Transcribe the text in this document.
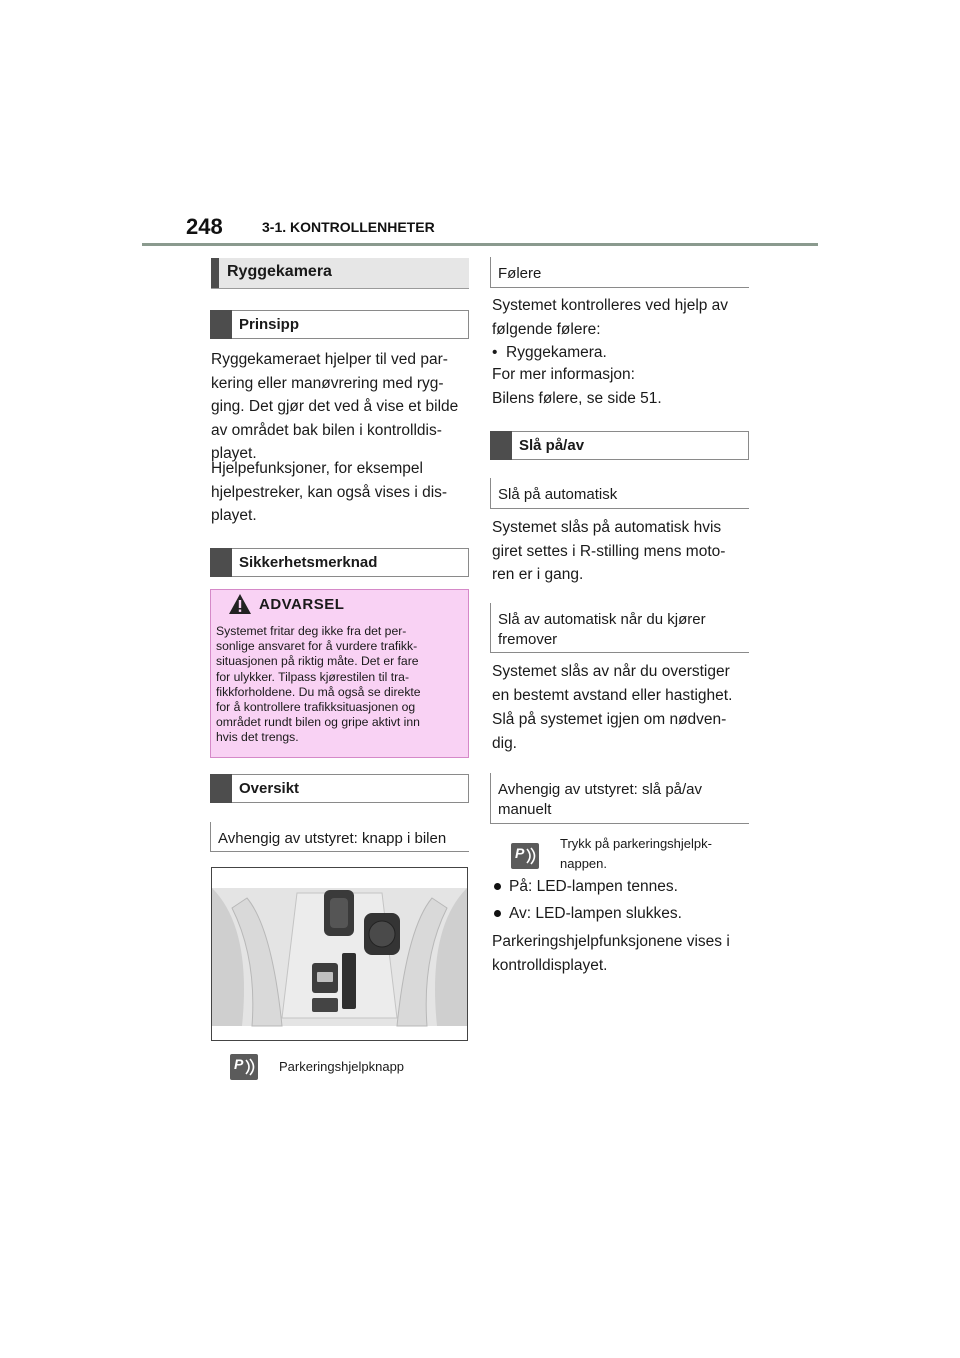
248	3-1. KONTROLLENHETER
Ryggekamera
Prinsipp
Ryggekameraet hjelper til ved par-
kering eller manøvrering med ryg-
ging. Det gjør det ved å vise et bilde
av området bak bilen i kontrolldis-
playet.
Hjelpefunksjoner, for eksempel
hjelpestreker, kan også vises i dis-
playet.
Sikkerhetsmerknad
ADVARSEL
Systemet fritar deg ikke fra det per-
sonlige ansvaret for å vurdere trafikk-
situasjonen på riktig måte. Det er fare
for ulykker. Tilpass kjørestilen til tra-
fikkforholdene. Du må også se direkte
for å kontrollere trafikksituasjonen og
området rundt bilen og gripe aktivt inn
hvis det trengs.
Oversikt
Avhengig av utstyret: knapp i bilen
P	Parkeringshjelpknapp
Følere
Systemet kontrolleres ved hjelp av
følgende følere:
•  Ryggekamera.
For mer informasjon:
Bilens følere, se side 51.
Slå på/av
Slå på automatisk
Systemet slås på automatisk hvis
giret settes i R-stilling mens moto-
ren er i gang.
Slå av automatisk når du kjører
fremover
Systemet slås av når du overstiger
en bestemt avstand eller hastighet.
Slå på systemet igjen om nødven-
dig.
Avhengig av utstyret: slå på/av
manuelt
P
Trykk på parkeringshjelpk-
nappen.
På: LED-lampen tennes.
Av: LED-lampen slukkes.
Parkeringshjelpfunksjonene vises i
kontrolldisplayet.
